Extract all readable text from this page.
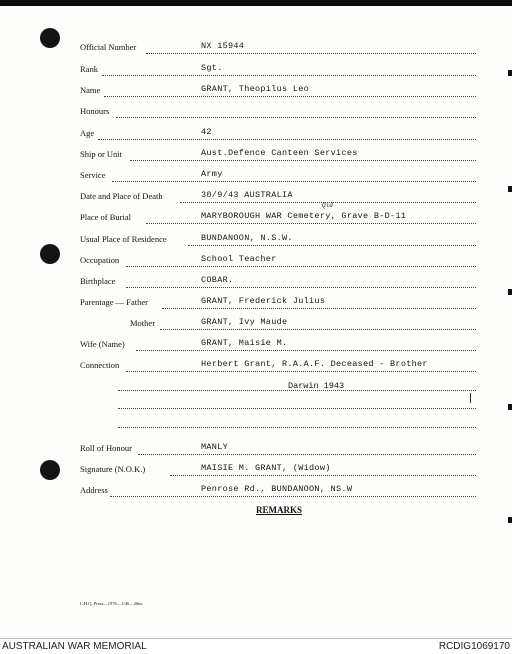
Official Number	NX 15944
Rank	Sgt.
Name	GRANT, Theopilus Leo
Honours
Age	42
Ship or Unit	Aust.Defence Canteen Services
Service	Army
Date and Place of Death	30/9/43 AUSTRALIA
Qld
Place of Burial	MARYBOROUGH WAR Cemetery, Grave B-D-11
Usual Place of Residence	BUNDANOON, N.S.W.
Occupation	School Teacher
Birthplace	COBAR.
Parentage — Father	GRANT, Frederick Julius
Mother	GRANT, Ivy Maude
Wife (Name)	GRANT, Maisie M.
Connection	Herbert Grant, R.A.A.F. Deceased - Brother
Darwin 1943
Roll of Honour	MANLY
Signature (N.O.K.)	MAISIE M. GRANT, (Widow)
Address	Penrose Rd., BUNDANOON, NS.W
REMARKS
L.H.Q. Press—1976—1/46—20m.
AUSTRALIAN WAR MEMORIAL	RCDIG1069170
